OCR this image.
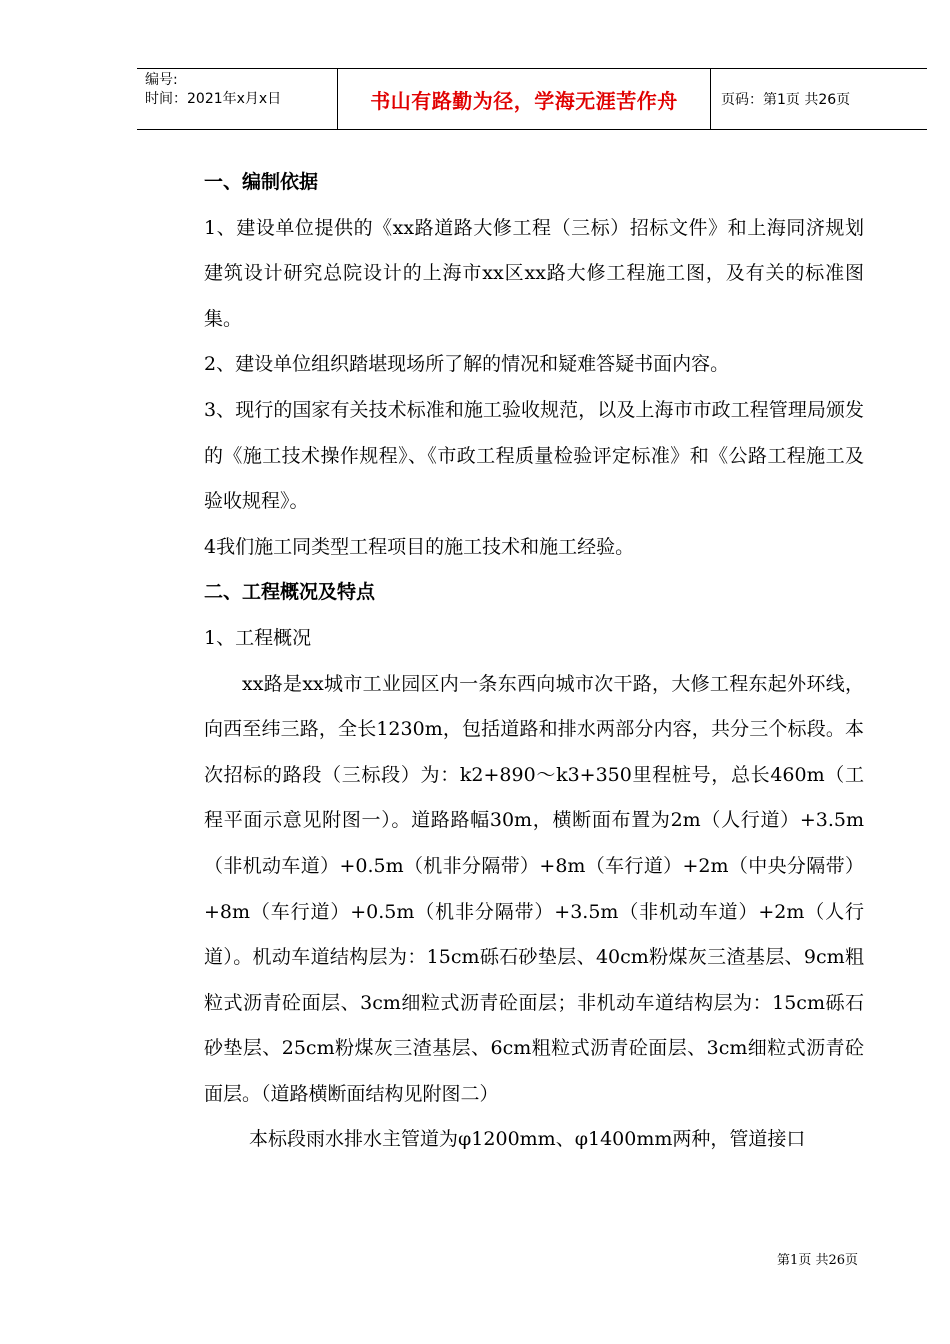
编号:
时间：2021年x月x日	书山有路勤为径，学海无涯苦作舟	页码：第1页 共26页

一、编制依据

1、建设单位提供的《xx路道路大修工程（三标）招标文件》和上海同济规划建筑设计研究总院设计的上海市xx区xx路大修工程施工图，及有关的标准图集。

2、建设单位组织踏堪现场所了解的情况和疑难答疑书面内容。

3、现行的国家有关技术标准和施工验收规范，以及上海市市政工程管理局颁发的《施工技术操作规程》、《市政工程质量检验评定标准》和《公路工程施工及验收规程》。

4我们施工同类型工程项目的施工技术和施工经验。

二、工程概况及特点

1、工程概况

xx路是xx城市工业园区内一条东西向城市次干路，大修工程东起外环线，向西至纬三路，全长1230m，包括道路和排水两部分内容，共分三个标段。本次招标的路段（三标段）为：k2+890～k3+350里程桩号，总长460m（工程平面示意见附图一）。道路路幅30m，横断面布置为2m（人行道）+3.5m（非机动车道）+0.5m（机非分隔带）+8m（车行道）+2m（中央分隔带）+8m（车行道）+0.5m（机非分隔带）+3.5m（非机动车道）+2m（人行道）。机动车道结构层为：15cm砾石砂垫层、40cm粉煤灰三渣基层、9cm粗粒式沥青砼面层、3cm细粒式沥青砼面层；非机动车道结构层为：15cm砾石砂垫层、25cm粉煤灰三渣基层、6cm粗粒式沥青砼面层、3cm细粒式沥青砼面层。（道路横断面结构见附图二）

本标段雨水排水主管道为φ1200mm、φ1400mm两种，管道接口

第1页 共26页
